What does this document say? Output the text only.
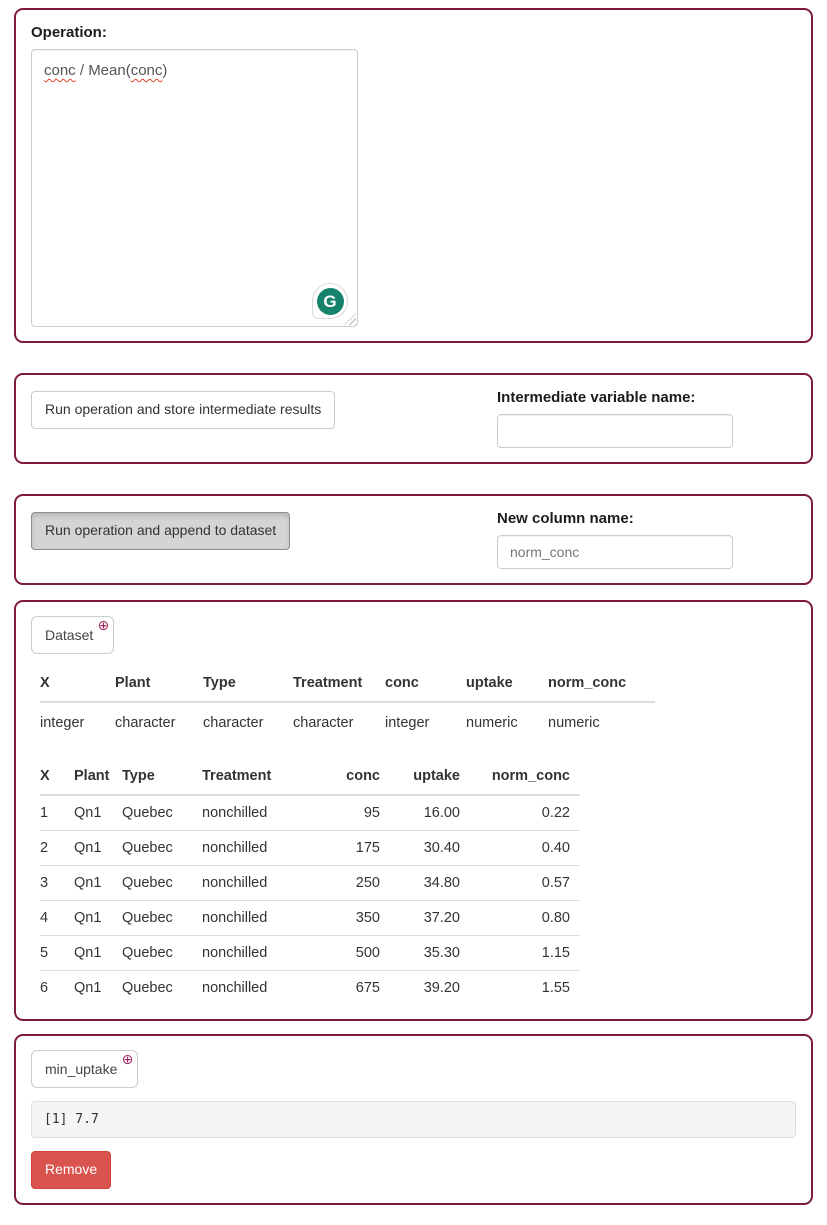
Operation:
conc / Mean(conc)
G
Run operation and store intermediate results
Intermediate variable name:
Run operation and append to dataset
New column name:
norm_conc
Dataset
⊕
X	Plant	Type	Treatment	conc	uptake	norm_conc
integer	character	character	character	integer	numeric	numeric
X	Plant	Type	Treatment	conc	uptake	norm_conc
1	Qn1	Quebec	nonchilled	95	16.00	0.22
2	Qn1	Quebec	nonchilled	175	30.40	0.40
3	Qn1	Quebec	nonchilled	250	34.80	0.57
4	Qn1	Quebec	nonchilled	350	37.20	0.80
5	Qn1	Quebec	nonchilled	500	35.30	1.15
6	Qn1	Quebec	nonchilled	675	39.20	1.55
min_uptake
⊕
[1] 7.7
Remove
